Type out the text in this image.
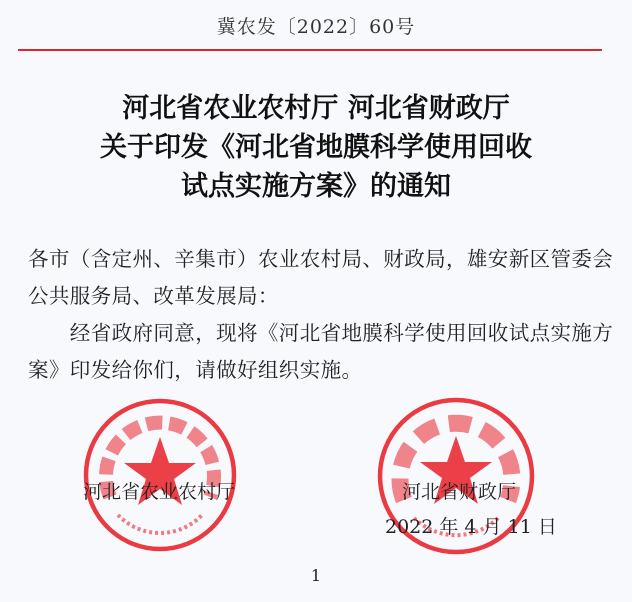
冀农发〔2022〕60号
河北省农业农村厅 河北省财政厅
关于印发《河北省地膜科学使用回收
试点实施方案》的通知
各市（含定州、辛集市）农业农村局、财政局，雄安新区管委会
公共服务局、改革发展局：
　　经省政府同意，现将《河北省地膜科学使用回收试点实施方
案》印发给你们，请做好组织实施。
河北省农业农村厅	河北省财政厅
2022 年 4 月 11 日
1
